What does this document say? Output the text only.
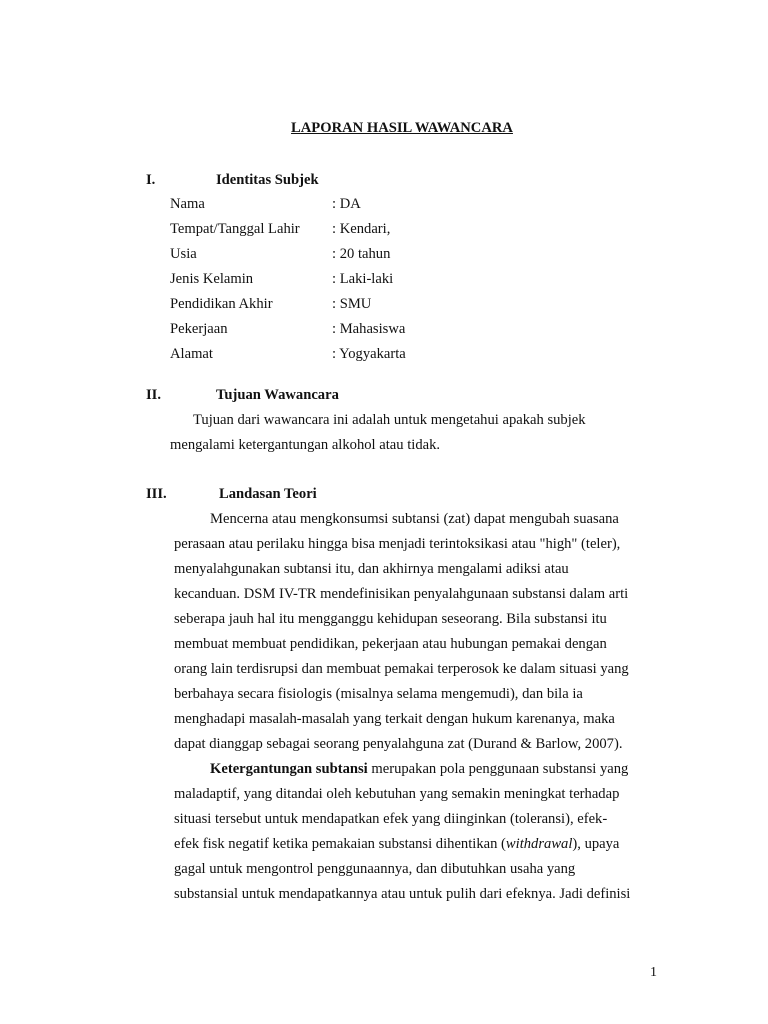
LAPORAN HASIL WAWANCARA
I.	Identitas Subjek
Nama	: DA
Tempat/Tanggal Lahir : Kendari,
Usia	: 20 tahun
Jenis Kelamin	: Laki-laki
Pendidikan Akhir	: SMU
Pekerjaan	: Mahasiswa
Alamat	: Yogyakarta
II.	Tujuan Wawancara
Tujuan dari wawancara ini adalah untuk mengetahui apakah subjek
mengalami ketergantungan alkohol atau tidak.
III.	Landasan Teori
Mencerna atau mengkonsumsi subtansi (zat) dapat mengubah suasana
perasaan atau perilaku hingga bisa menjadi terintoksikasi atau "high" (teler),
menyalahgunakan subtansi itu, dan akhirnya mengalami adiksi atau
kecanduan. DSM IV-TR mendefinisikan penyalahgunaan substansi dalam arti
seberapa jauh hal itu mengganggu kehidupan seseorang. Bila substansi itu
membuat membuat pendidikan, pekerjaan atau hubungan pemakai dengan
orang lain terdisrupsi dan membuat pemakai terperosok ke dalam situasi yang
berbahaya secara fisiologis (misalnya selama mengemudi), dan bila ia
menghadapi masalah-masalah yang terkait dengan hukum karenanya, maka
dapat dianggap sebagai seorang penyalahguna zat (Durand & Barlow, 2007).
Ketergantungan subtansi merupakan pola penggunaan substansi yang
maladaptif, yang ditandai oleh kebutuhan yang semakin meningkat terhadap
situasi tersebut untuk mendapatkan efek yang diinginkan (toleransi), efek-
efek fisk negatif ketika pemakaian substansi dihentikan (withdrawal), upaya
gagal untuk mengontrol penggunaannya, dan dibutuhkan usaha yang
substansial untuk mendapatkannya atau untuk pulih dari efeknya. Jadi definisi
1
